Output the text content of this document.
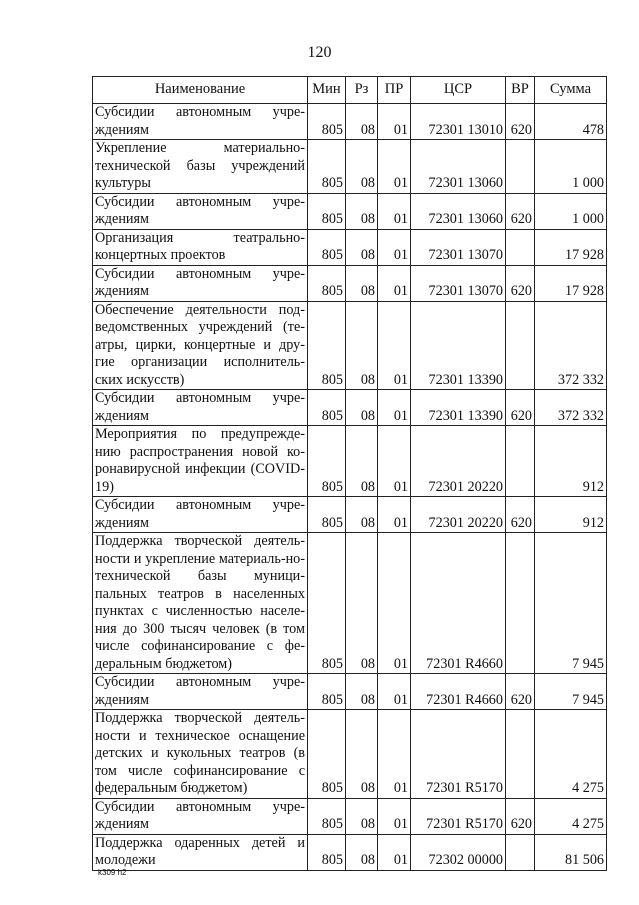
120
Наименование	Мин	Рз	ПР	ЦСР	ВР	Сумма
Субсидии автономным учре-ждениям	805	08	01	72301 13010	620	478
Укрепление материально-технической базы учреждений культуры	805	08	01	72301 13060		1 000
Субсидии автономным учре-ждениям	805	08	01	72301 13060	620	1 000
Организация театрально-концертных проектов	805	08	01	72301 13070		17 928
Субсидии автономным учре-ждениям	805	08	01	72301 13070	620	17 928
Обеспечение деятельности под-ведомственных учреждений (те-атры, цирки, концертные и дру-гие организации исполнитель-ских искусств)	805	08	01	72301 13390		372 332
Субсидии автономным учре-ждениям	805	08	01	72301 13390	620	372 332
Мероприятия по предупрежде-нию распространения новой ко-ронавирусной инфекции (COVID-19)	805	08	01	72301 20220		912
Субсидии автономным учре-ждениям	805	08	01	72301 20220	620	912
Поддержка творческой деятель-ности и укрепление материаль-но-технической базы муници-пальных театров в населенных пунктах с численностью населе-ния до 300 тысяч человек (в том числе софинансирование с фе-деральным бюджетом)	805	08	01	72301 R4660		7 945
Субсидии автономным учре-ждениям	805	08	01	72301 R4660	620	7 945
Поддержка творческой деятель-ности и техническое оснащение детских и кукольных театров (в том числе софинансирование с федеральным бюджетом)	805	08	01	72301 R5170		4 275
Субсидии автономным учре-ждениям	805	08	01	72301 R5170	620	4 275
Поддержка одаренных детей и молодежи	805	08	01	72302 00000		81 506
k309 h2
